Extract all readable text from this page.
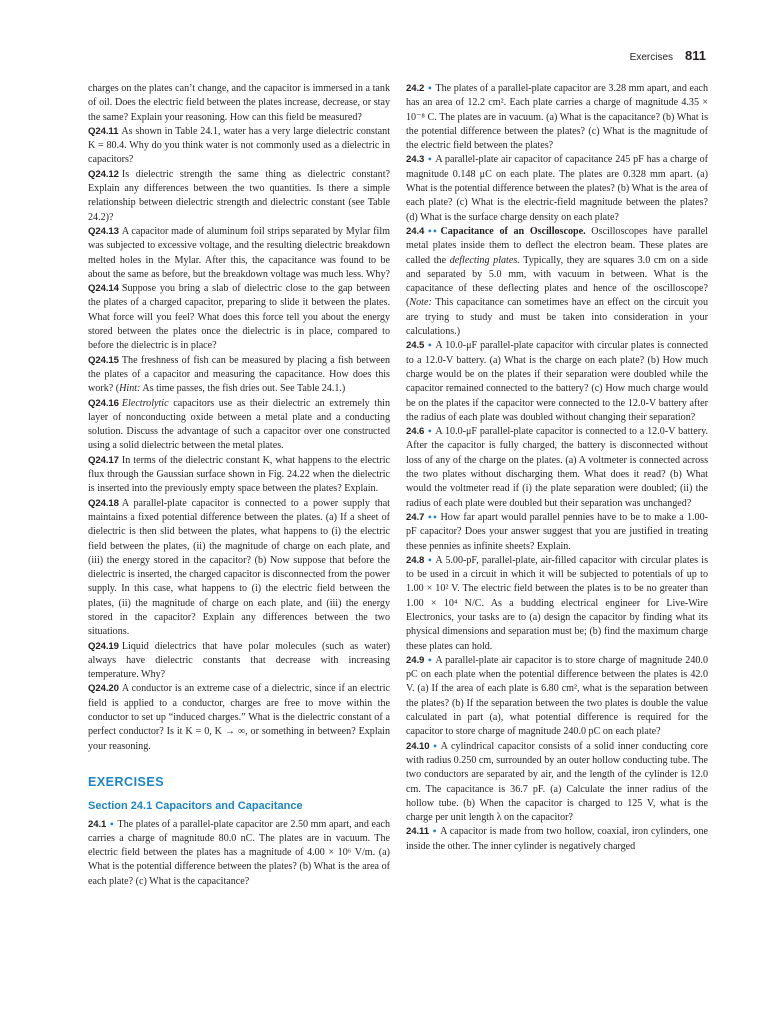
Exercises 811

charges on the plates can’t change, and the capacitor is immersed in a tank of oil. Does the electric field between the plates increase, decrease, or stay the same? Explain your reasoning. How can this field be measured?

Q24.11 As shown in Table 24.1, water has a very large dielectric constant K = 80.4. Why do you think water is not commonly used as a dielectric in capacitors?

Q24.12 Is dielectric strength the same thing as dielectric constant? Explain any differences between the two quantities. Is there a simple relationship between dielectric strength and dielectric constant (see Table 24.2)?

Q24.13 A capacitor made of aluminum foil strips separated by Mylar film was subjected to excessive voltage, and the resulting dielectric breakdown melted holes in the Mylar. After this, the capacitance was found to be about the same as before, but the breakdown voltage was much less. Why?

Q24.14 Suppose you bring a slab of dielectric close to the gap between the plates of a charged capacitor, preparing to slide it between the plates. What force will you feel? What does this force tell you about the energy stored between the plates once the dielectric is in place, compared to before the dielectric is in place?

Q24.15 The freshness of fish can be measured by placing a fish between the plates of a capacitor and measuring the capacitance. How does this work? (Hint: As time passes, the fish dries out. See Table 24.1.)

Q24.16 Electrolytic capacitors use as their dielectric an extremely thin layer of nonconducting oxide between a metal plate and a conducting solution. Discuss the advantage of such a capacitor over one constructed using a solid dielectric between the metal plates.

Q24.17 In terms of the dielectric constant K, what happens to the electric flux through the Gaussian surface shown in Fig. 24.22 when the dielectric is inserted into the previously empty space between the plates? Explain.

Q24.18 A parallel-plate capacitor is connected to a power supply that maintains a fixed potential difference between the plates. (a) If a sheet of dielectric is then slid between the plates, what happens to (i) the electric field between the plates, (ii) the magnitude of charge on each plate, and (iii) the energy stored in the capacitor? (b) Now suppose that before the dielectric is inserted, the charged capacitor is disconnected from the power supply. In this case, what happens to (i) the electric field between the plates, (ii) the magnitude of charge on each plate, and (iii) the energy stored in the capacitor? Explain any differences between the two situations.

Q24.19 Liquid dielectrics that have polar molecules (such as water) always have dielectric constants that decrease with increasing temperature. Why?

Q24.20 A conductor is an extreme case of a dielectric, since if an electric field is applied to a conductor, charges are free to move within the conductor to set up “induced charges.” What is the dielectric constant of a perfect conductor? Is it K = 0, K → ∞, or something in between? Explain your reasoning.

EXERCISES
Section 24.1 Capacitors and Capacitance

24.1 • The plates of a parallel-plate capacitor are 2.50 mm apart, and each carries a charge of magnitude 80.0 nC. The plates are in vacuum. The electric field between the plates has a magnitude of 4.00 × 10⁶ V/m. (a) What is the potential difference between the plates? (b) What is the area of each plate? (c) What is the capacitance?

24.2 • The plates of a parallel-plate capacitor are 3.28 mm apart, and each has an area of 12.2 cm². Each plate carries a charge of magnitude 4.35 × 10⁻⁸ C. The plates are in vacuum. (a) What is the capacitance? (b) What is the potential difference between the plates? (c) What is the magnitude of the electric field between the plates?

24.3 • A parallel-plate air capacitor of capacitance 245 pF has a charge of magnitude 0.148 μC on each plate. The plates are 0.328 mm apart. (a) What is the potential difference between the plates? (b) What is the area of each plate? (c) What is the electric-field magnitude between the plates? (d) What is the surface charge density on each plate?

24.4 •• Capacitance of an Oscilloscope. Oscilloscopes have parallel metal plates inside them to deflect the electron beam. These plates are called the deflecting plates. Typically, they are squares 3.0 cm on a side and separated by 5.0 mm, with vacuum in between. What is the capacitance of these deflecting plates and hence of the oscilloscope? (Note: This capacitance can sometimes have an effect on the circuit you are trying to study and must be taken into consideration in your calculations.)

24.5 • A 10.0-μF parallel-plate capacitor with circular plates is connected to a 12.0-V battery. (a) What is the charge on each plate? (b) How much charge would be on the plates if their separation were doubled while the capacitor remained connected to the battery? (c) How much charge would be on the plates if the capacitor were connected to the 12.0-V battery after the radius of each plate was doubled without changing their separation?

24.6 • A 10.0-μF parallel-plate capacitor is connected to a 12.0-V battery. After the capacitor is fully charged, the battery is disconnected without loss of any of the charge on the plates. (a) A voltmeter is connected across the two plates without discharging them. What does it read? (b) What would the voltmeter read if (i) the plate separation were doubled; (ii) the radius of each plate were doubled but their separation was unchanged?

24.7 •• How far apart would parallel pennies have to be to make a 1.00-pF capacitor? Does your answer suggest that you are justified in treating these pennies as infinite sheets? Explain.

24.8 • A 5.00-pF, parallel-plate, air-filled capacitor with circular plates is to be used in a circuit in which it will be subjected to potentials of up to 1.00 × 10² V. The electric field between the plates is to be no greater than 1.00 × 10⁴ N/C. As a budding electrical engineer for Live-Wire Electronics, your tasks are to (a) design the capacitor by finding what its physical dimensions and separation must be; (b) find the maximum charge these plates can hold.

24.9 • A parallel-plate air capacitor is to store charge of magnitude 240.0 pC on each plate when the potential difference between the plates is 42.0 V. (a) If the area of each plate is 6.80 cm², what is the separation between the plates? (b) If the separation between the two plates is double the value calculated in part (a), what potential difference is required for the capacitor to store charge of magnitude 240.0 pC on each plate?

24.10 • A cylindrical capacitor consists of a solid inner conducting core with radius 0.250 cm, surrounded by an outer hollow conducting tube. The two conductors are separated by air, and the length of the cylinder is 12.0 cm. The capacitance is 36.7 pF. (a) Calculate the inner radius of the hollow tube. (b) When the capacitor is charged to 125 V, what is the charge per unit length λ on the capacitor?

24.11 • A capacitor is made from two hollow, coaxial, iron cylinders, one inside the other. The inner cylinder is negatively charged
